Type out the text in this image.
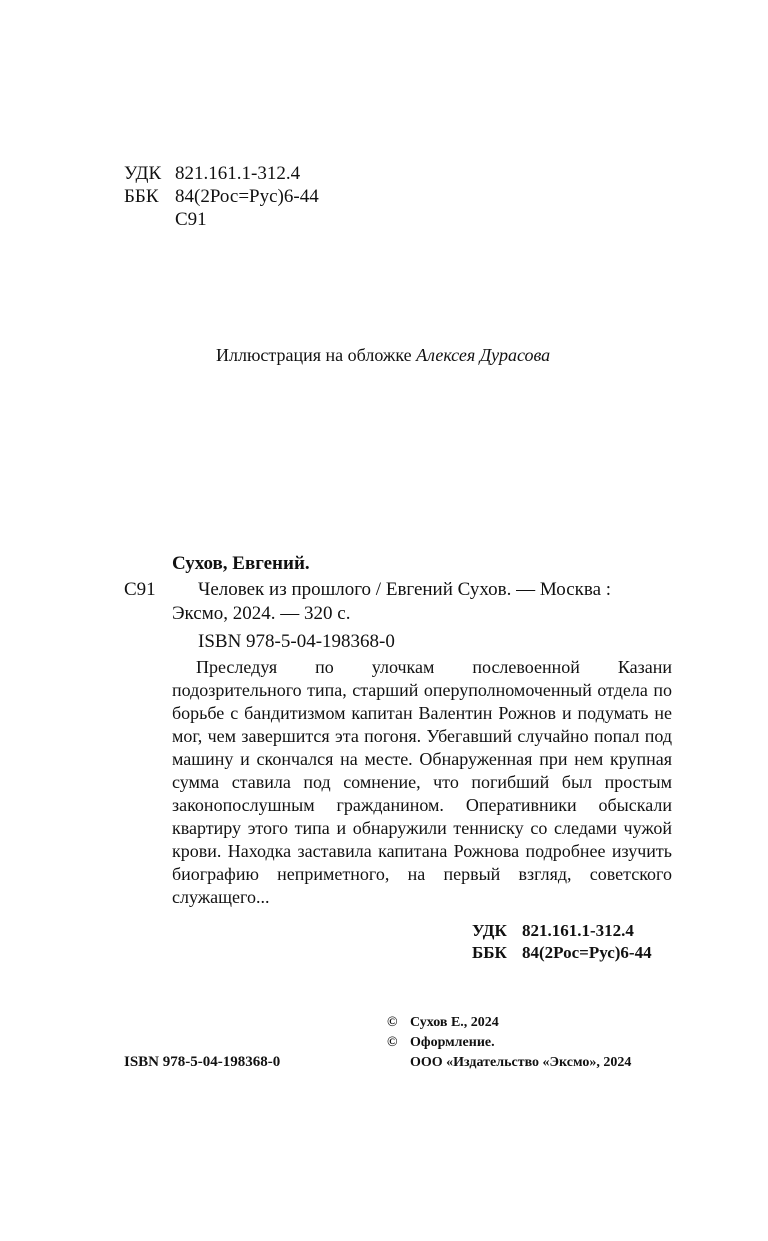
УДК 821.161.1-312.4
ББК 84(2Рос=Рус)6-44
С91
Иллюстрация на обложке Алексея Дурасова
Сухов, Евгений.
С91 Человек из прошлого / Евгений Сухов. — Москва :
Эксмо, 2024. — 320 с.
ISBN 978-5-04-198368-0
Преследуя по улочкам послевоенной Казани подозрительного типа, старший оперуполномоченный отдела по борьбе с бандитизмом капитан Валентин Рожнов и подумать не мог, чем завершится эта погоня. Убегавший случайно попал под машину и скончался на месте. Обнаруженная при нем крупная сумма ставила под сомнение, что погибший был простым законопослушным гражданином. Оперативники обыскали квартиру этого типа и обнаружили тенниску со следами чужой крови. Находка заставила капитана Рожнова подробнее изучить биографию неприметного, на первый взгляд, советского служащего...
УДК 821.161.1-312.4
ББК 84(2Рос=Рус)6-44
© Сухов Е., 2024
© Оформление.
ООО «Издательство «Эксмо», 2024
ISBN 978-5-04-198368-0
